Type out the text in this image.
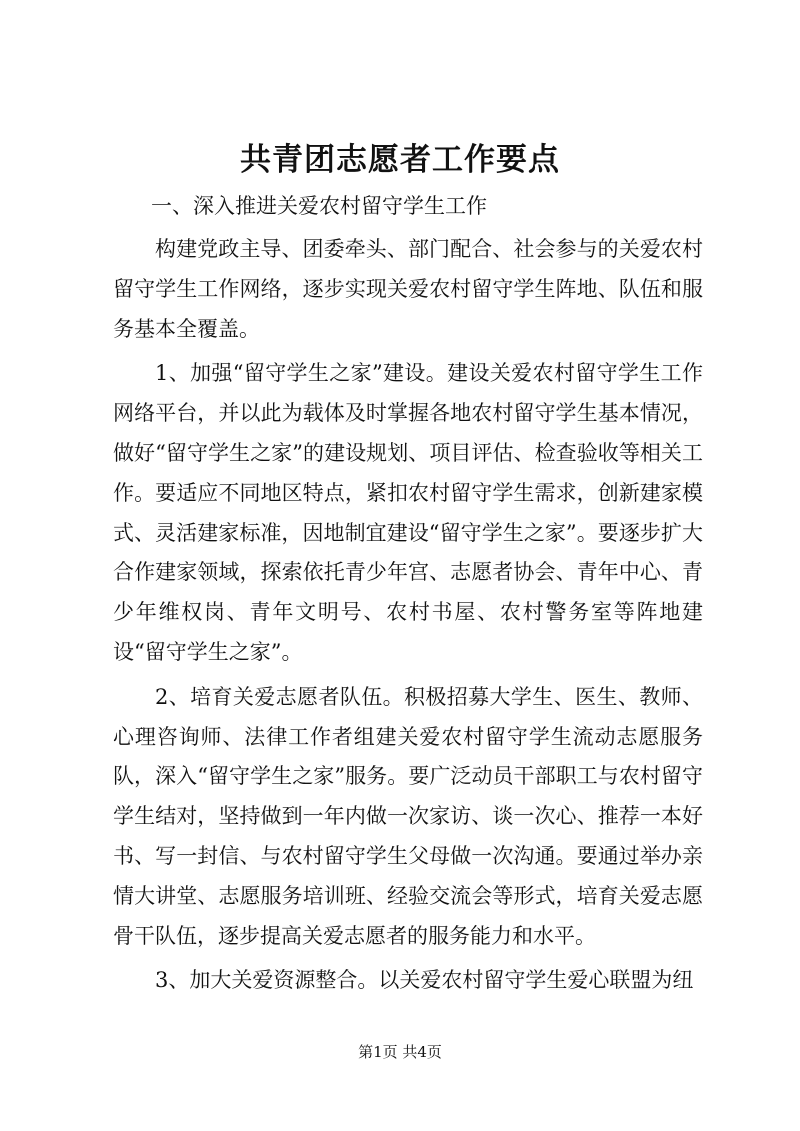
共青团志愿者工作要点

一、深入推进关爱农村留守学生工作

构建党政主导、团委牵头、部门配合、社会参与的关爱农村留守学生工作网络，逐步实现关爱农村留守学生阵地、队伍和服务基本全覆盖。

1、加强“留守学生之家”建设。建设关爱农村留守学生工作网络平台，并以此为载体及时掌握各地农村留守学生基本情况，做好“留守学生之家”的建设规划、项目评估、检查验收等相关工作。要适应不同地区特点，紧扣农村留守学生需求，创新建家模式、灵活建家标准，因地制宜建设“留守学生之家”。要逐步扩大合作建家领域，探索依托青少年宫、志愿者协会、青年中心、青少年维权岗、青年文明号、农村书屋、农村警务室等阵地建设“留守学生之家”。

2、培育关爱志愿者队伍。积极招募大学生、医生、教师、心理咨询师、法律工作者组建关爱农村留守学生流动志愿服务队，深入“留守学生之家”服务。要广泛动员干部职工与农村留守学生结对，坚持做到一年内做一次家访、谈一次心、推荐一本好书、写一封信、与农村留守学生父母做一次沟通。要通过举办亲情大讲堂、志愿服务培训班、经验交流会等形式，培育关爱志愿骨干队伍，逐步提高关爱志愿者的服务能力和水平。

3、加大关爱资源整合。以关爱农村留守学生爱心联盟为纽

第1页 共4页
